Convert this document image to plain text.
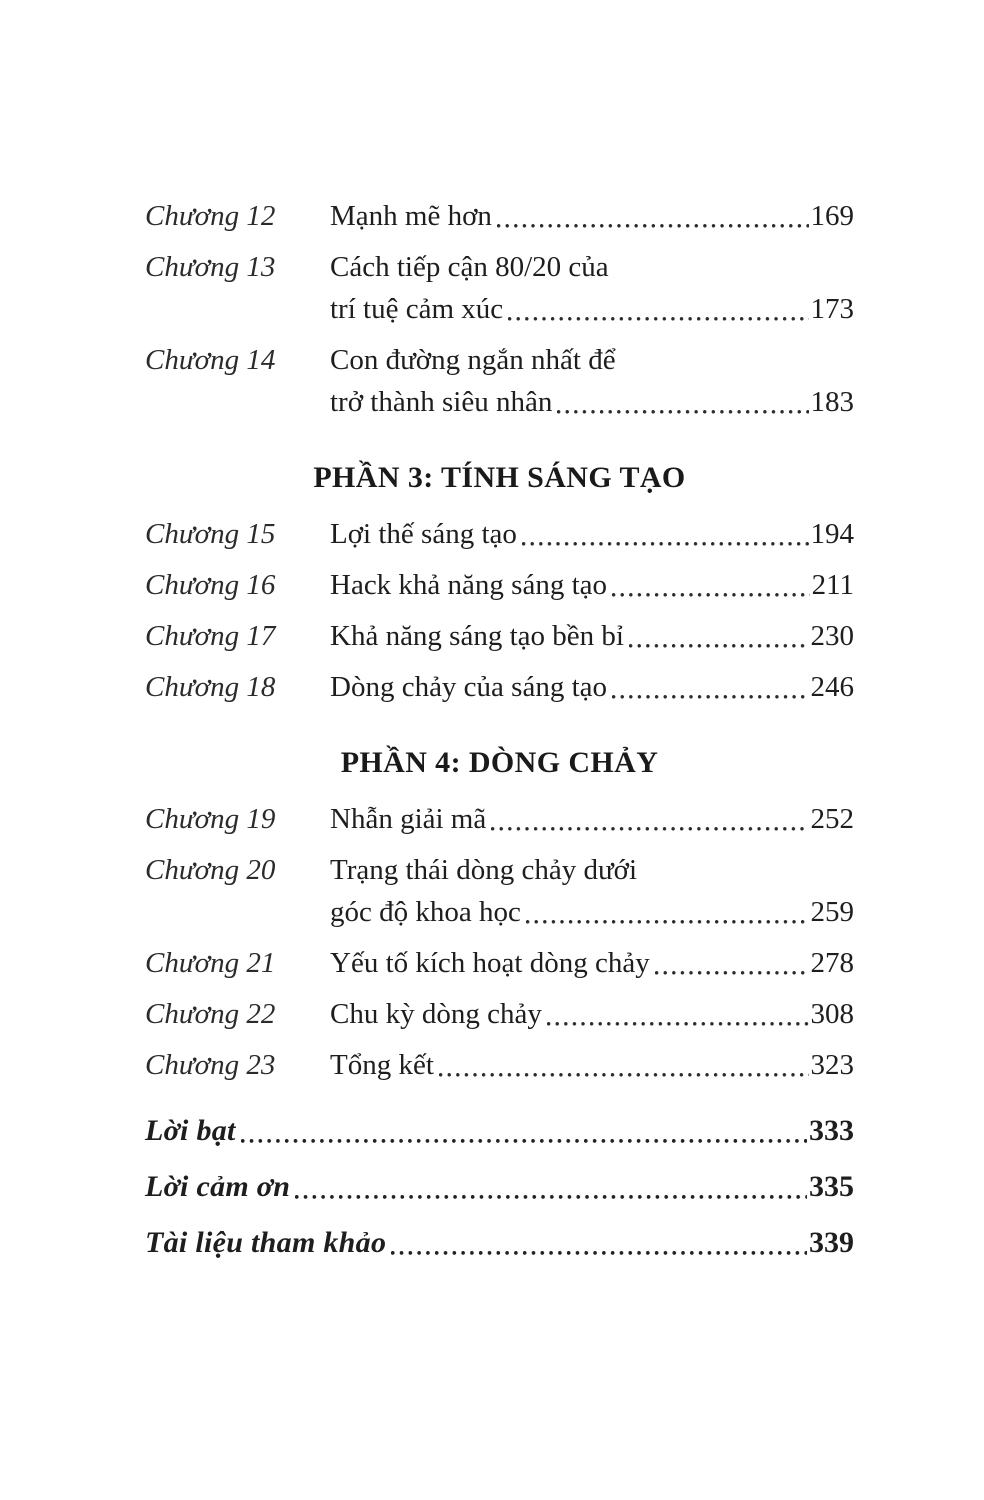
Chương 12	Mạnh mẽ hơn	169
Chương 13	Cách tiếp cận 80/20 của
trí tuệ cảm xúc	173
Chương 14	Con đường ngắn nhất để
trở thành siêu nhân	183
PHẦN 3: TÍNH SÁNG TẠO
Chương 15	Lợi thế sáng tạo	194
Chương 16	Hack khả năng sáng tạo	211
Chương 17	Khả năng sáng tạo bền bỉ	230
Chương 18	Dòng chảy của sáng tạo	246
PHẦN 4: DÒNG CHẢY
Chương 19	Nhẫn giải mã	252
Chương 20	Trạng thái dòng chảy dưới
góc độ khoa học	259
Chương 21	Yếu tố kích hoạt dòng chảy	278
Chương 22	Chu kỳ dòng chảy	308
Chương 23	Tổng kết	323
Lời bạt	333
Lời cảm ơn	335
Tài liệu tham khảo	339
